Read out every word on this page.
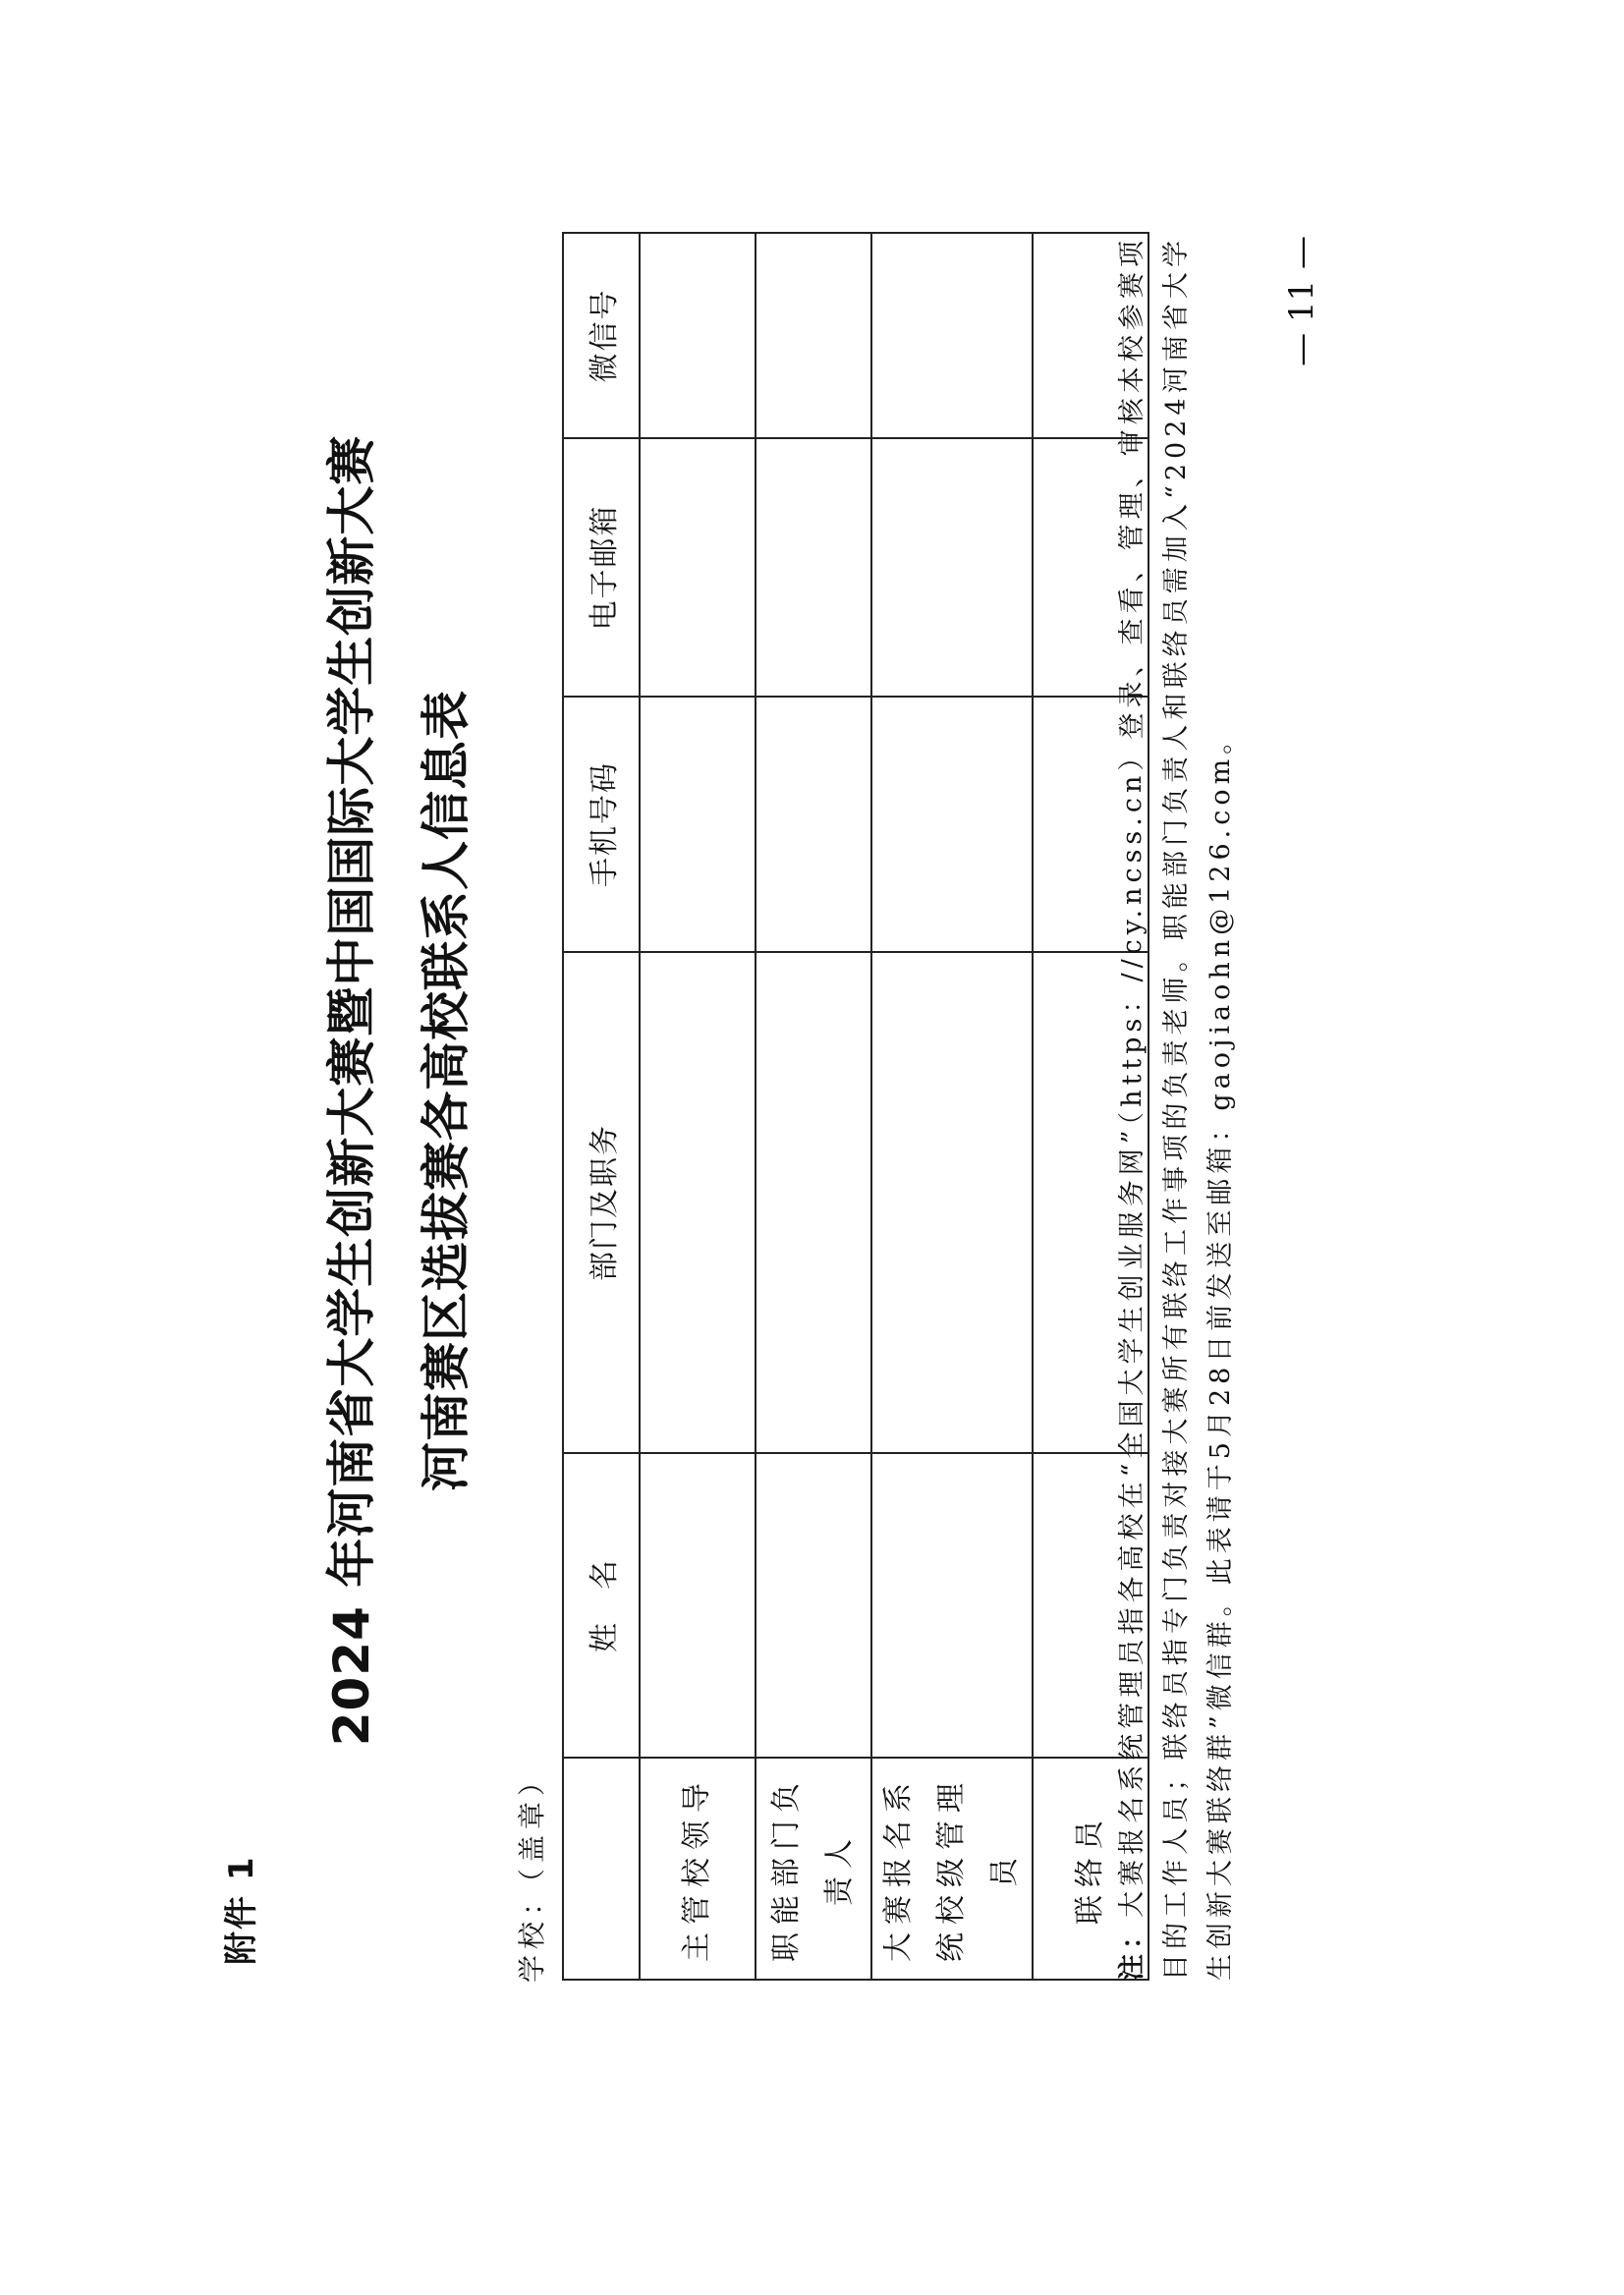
附件 1
2024 年河南省大学生创新大赛暨中国国际大学生创新大赛 河南赛区选拔赛各高校联系人信息表
学校：（盖章）
	姓　名	部门及职务	手机号码	电子邮箱	微信号
主管校领导					
职能部门负责人					
大赛报名系统校级管理员					
联络员					
注：大赛报名系统管理员指各高校在“全国大学生创业服务网”（https：//cy.ncss.cn）登录、查看、管理、审核本校参赛项目的工作人员；联络员指专门负责对接大赛所有联络工作事项的负责老师。职能部门负责人和联络员需加入“2024河南省大学生创新大赛联络群”微信群。此表请于5月28日前发送至邮箱：gaojiaohn@126.com。
— 11 —
